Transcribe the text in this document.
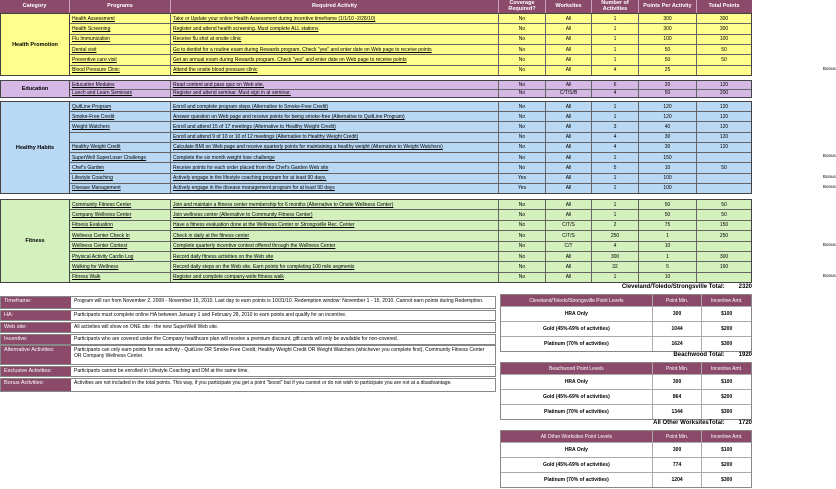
Category	Programs	Required Activity	Coverage Required?	Worksites	Number of Activities	Points Per Activity	Total Points
Health Promotion
Health Assessment	Take or Update your online Health Assessment during incentive timeframe (1/1/10 -2/28/10)	No	All	1	300	300
Health Screening	Register and attend health screening. Must complete ALL stations	No	All	1	300	300
Flu Immunization	Receive flu shot at onsite clinic	No	All	1	100	100
Dental visit	Go to dentist for a routine exam during Rewards program. Check "yes" and enter date on Web page to receive points	No	All	1	50	50
Preventive care visit	Get an annual exam during Rewards program. Check "yes" and enter date on Web page to receive points	No	All	1	50	50
Blood Pressure Clinic	Attend the onsite blood pressure clinic	No	All	4	25	Bonus
Education
Education Modules	Read content and pass quiz on Web site.	No	All	6	20	120
Lunch and Learn Seminars	Register and attend seminar. Must sign in at seminar.	No	C/T/S/B	4	50	200
Healthy Habits
QuitLine Program	Enroll and complete program steps (Alternative to Smoke-Free Credit)	No	All	1	120	120
Smoke-Free Credit	Answer question on Web page and receive points for being smoke-free (Alternative to QuitLine Program)	No	All	1	120	120
Weight Watchers	Enroll and attend 15 of 17 meetings (Alternative to Healthy Weight Credit)	No	All	3	40	120
Enroll and attend 9 of 10 or 10 of 12 meetings (Alternative to Healthy Weight Credit)	No	All	4	30	120
Healthy Weight Credit	Calculate BMI on Web page and receive quarterly points for maintaining a healthy weight (Alternative to Weight Watchers)	No	All	4	30	120
SuperWell SuperLoser Challenge	Complete the six month weight lose challenge	No	All	1	150	Bonus
Chef's Garden	Receive points for each order placed from the Chef's Garden Web site	No	All	5	10	50
Lifestyle Coaching	Actively engage in the lifestyle coaching program for at least 90 days.	Yes	All	1	100	Bonus
Disease Management	Actively engage in the disease management program for at least 90 days	Yes	All	1	100	Bonus
Fitness
Community Fitness Center	Join and maintain a fitness center membership for 6 months (Alternative to Onsite Wellness Center)	No	All	1	50	50
Company Wellness Center	Join wellness center (Alternative to Community Fitness Center)	No	All	1	50	50
Fitness Evaluation	Have a fitness evaluation done at the Wellness Center or Strongsville Rec. Center	No	C/T/S	2	75	150
Wellness Center Check In	Check in daily at the fitness center	No	C/T/S	250	1	250
Wellness Center Contest	Complete quarterly incentive contest offered through the Wellness Center	No	C/T	4	10	Bonus
Physical Activity Cardio Log	Record daily fitness activities on the Web site	No	All	300	1	300
Walking for Wellness	Record daily steps on the Web site. Earn points for completing 100 mile segments	No	All	32	5	160
Fitness Walk	Register and complete company-wide fitness walk	No	All	1	10	Bonus
Timeframe:	Program will run from November 2, 2009 - November 15, 2010. Last day to earn points is 10/31/10. Redemption window: November 1 - 15, 2010. Cannot earn points during Redemption.
HA:	Participants must complete online HA between January 1 and February 28, 2010 to earn points and qualify for an incentive.
Web site:	All activities will show on ONE site - the new SuperWell Web site.
Incentive:	Participants who are covered under the Company healthcare plan will receive a premium discount, gift cards will only be available for non-covered.
Alternative Activities:	Participants can only earn points for one activity - QuitLine OR Smoke Free Credit, Healthy Weight Credit OR Weight Watchers (whichever you complete first), Community Fitness Center OR Company Wellness Center.
Exclusive Activities:	Participants cannot be enrolled in Lifestyle Coaching and DM at the same time.
Bonus Activities:	Activities are not included in the total points. This way, if you participate you get a point "boost" but if you cannot or do not wish to participate you are not at a disadvantage.
Cleveland/Toledo/Strongsville Total: 2320
Cleveland/Toledo/Strongsville Point Levels	Point Min.	Incentive Amt.
HRA Only	300	$100
Gold (45%-69% of activities)	1044	$200
Platinum (70% of activities)	1624	$300
Beachwood Total: 1920
Beachwood Point Levels	Point Min.	Incentive Amt.
HRA Only	300	$100
Gold (45%-69% of activities)	864	$200
Platinum (70% of activities)	1344	$300
All Other WorksitesTotal: 1720
All Other Worksites Point Levels	Point Min.	Incentive Amt.
HRA Only	300	$100
Gold (45%-69% of activities)	774	$200
Platinum (70% of activities)	1204	$300
